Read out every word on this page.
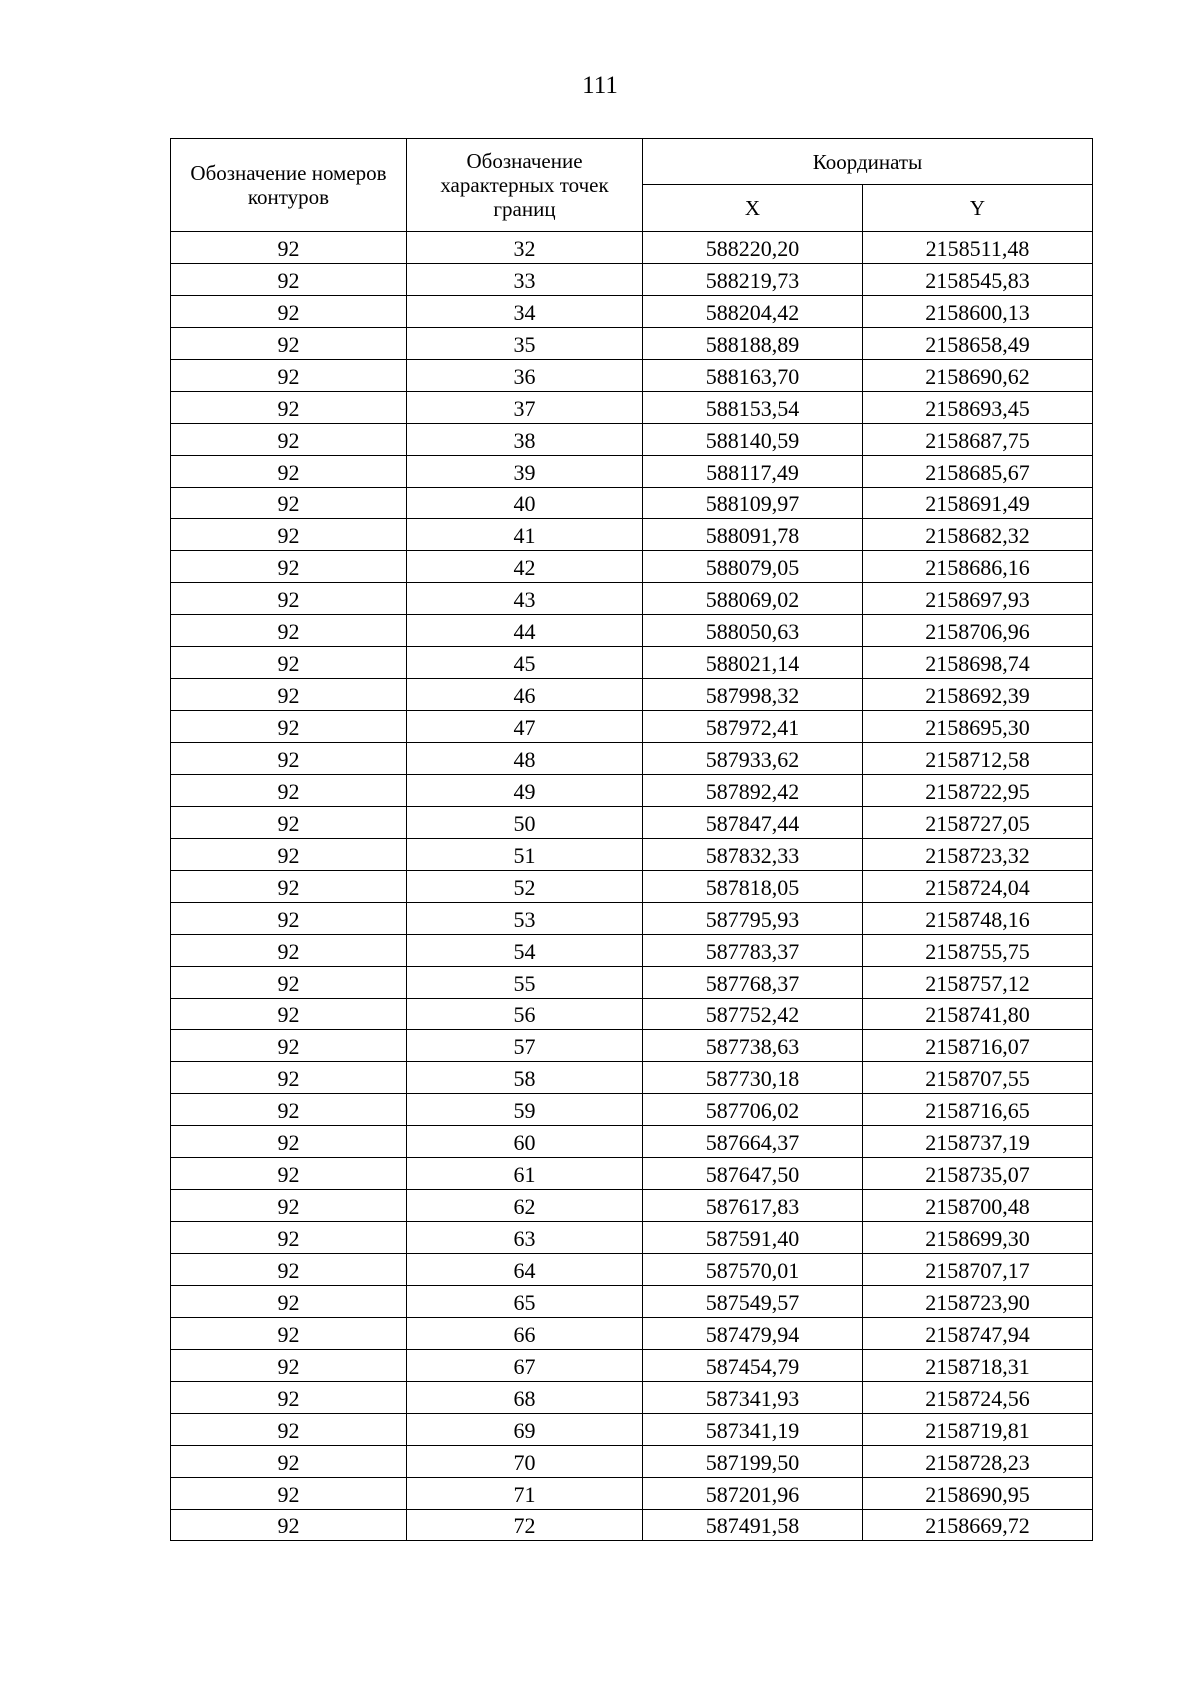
111
Обозначение номеров контуров	Обозначение характерных точек границ	Координаты	
		X	Y
92	32	588220,20	2158511,48
92	33	588219,73	2158545,83
92	34	588204,42	2158600,13
92	35	588188,89	2158658,49
92	36	588163,70	2158690,62
92	37	588153,54	2158693,45
92	38	588140,59	2158687,75
92	39	588117,49	2158685,67
92	40	588109,97	2158691,49
92	41	588091,78	2158682,32
92	42	588079,05	2158686,16
92	43	588069,02	2158697,93
92	44	588050,63	2158706,96
92	45	588021,14	2158698,74
92	46	587998,32	2158692,39
92	47	587972,41	2158695,30
92	48	587933,62	2158712,58
92	49	587892,42	2158722,95
92	50	587847,44	2158727,05
92	51	587832,33	2158723,32
92	52	587818,05	2158724,04
92	53	587795,93	2158748,16
92	54	587783,37	2158755,75
92	55	587768,37	2158757,12
92	56	587752,42	2158741,80
92	57	587738,63	2158716,07
92	58	587730,18	2158707,55
92	59	587706,02	2158716,65
92	60	587664,37	2158737,19
92	61	587647,50	2158735,07
92	62	587617,83	2158700,48
92	63	587591,40	2158699,30
92	64	587570,01	2158707,17
92	65	587549,57	2158723,90
92	66	587479,94	2158747,94
92	67	587454,79	2158718,31
92	68	587341,93	2158724,56
92	69	587341,19	2158719,81
92	70	587199,50	2158728,23
92	71	587201,96	2158690,95
92	72	587491,58	2158669,72
